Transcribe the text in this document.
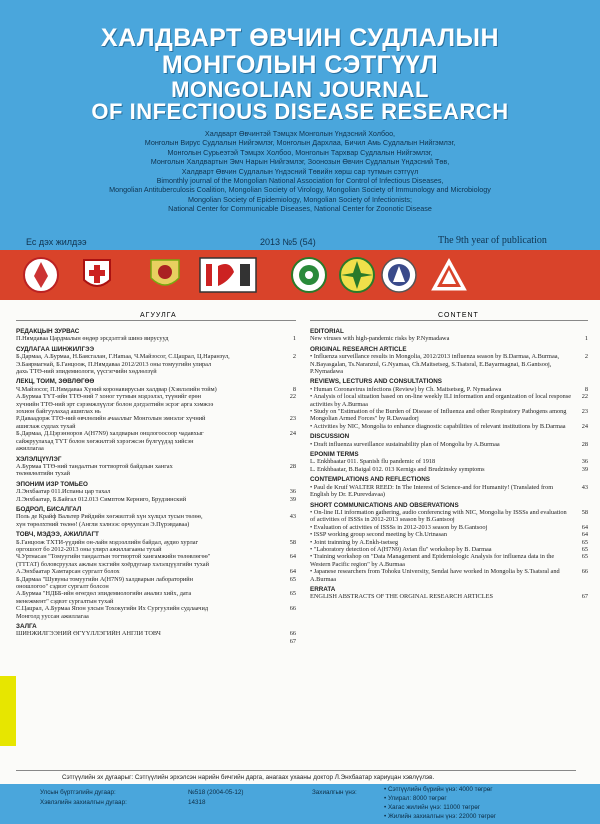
ХАЛДВАРТ ӨВЧИН СУДЛАЛЫН
МОНГОЛЫН СЭТГҮҮЛ
MONGOLIAN JOURNAL
OF INFECTIOUS DISEASE RESEARCH
Халдварт Өвчинтэй Тэмцэх Монголын Үндэсний Холбоо,
Монголын Вирус Судлалын Нийгэмлэг, Монголын Дархлаа, Бичил Амь Судлалын Нийгэмлэг,
Монголын Сурьеэтэй Тэмцэх Холбоо, Монголын Тархвар Судлалын Нийгэмлэг,
Монголын Халдвартын Эмч Нарын Нийгэмлэг, Зоонозын Өвчин Судлалын Үндэсний Төв,
Халдварт Өвчин Судлалын Үндэсний Төвийн хөрш сар тутмын сэтгүүл
Bimonthly journal of the Mongolian National Association for Control of Infectious Diseases,
Mongolian Antituberculosis Coalition, Mongolian Society of Virology, Mongolian Society of Immunology and Microbiology
Mongolian Society of Epidemiology, Mongolian Society of Infectionists;
National Center for Communicable Diseases, National Center for Zoonotic Disease
Ес дэх жилдээ	2013 №5 (54)	The 9th year of publication
АГУУЛГА	CONTENT
РЕДАКЦЫН ЗУРВАС
П.Нямдаваа Цардмалын өндөр эрсдэлтэй шинэ вирусууд	1
СУДЛАГАА ШИНЖИЛГЭЭ
Б.Дармаа, А.Бурмаа, Н.Баясгалан, Г.Наmaa, Ч.Майзосог, С.Цацрал, Ц.Наранзул,	2
Э.Баярмагнай, Б.Ганцоож, П.Нямдаваа 2012/2013 оны томуугийн улирал
дахь ТТӨ-ний эпидемиологи, үүсгэгчийн хөдлөлзүй
ЛЕКЦ, ТОЙМ, ЗӨВЛӨГӨӨ
Ч.Майзосог, П.Нямдаваа Хүний коронавирусын халдвар (Хэвлэлийн тойм)	8
А.Бурмаа ТҮТ-ийн ТТӨ-ний 7 хоног тутмын мэдээлэл, түүнийг ерөн	22
хүчнийн ТТӨ-ний эрт сэрэмжлүүлэг болон дэгдэлтийн эсрэг арга хэмжээ
зохион байгуулахад ашиглах нь
Р.Даваадорж ТТӨ-ний өвчлөлийн ачааллыг Монголын эмнэлэг хүчний	23
ашиглаж судлах тухай
Б.Дармаа, Д.Цэрэнноров A(H7N9) халдварын онцлогоосоор чадавхыг	24
сайжруулахад ТҮТ болон хөгжилтэй хэрэгжсэн бүлгүүдэд хийсэн
ажиллагаа
ХЭЛЭЛЦҮҮЛЭГ
А.Бурмаа ТТӨ-ний тандалтын тогтвортой байдлын хангах	28
төлөвлөлтийн тухай
ЭПОНИМ ИЗР ТОМЬЁО
Л.Энхбаатар 011.Испаны цар тахал	36
Л.Энхбаатар, Б.Байгал 012.013 Симптом Керниго, Брудзинский	39
БОДРОЛ, БИСАЛГАЛ
Поль де Крайф Вальтер Рийдийн хөгжилтэй хүн хүлцэл тусын төлөө,	43
хүн төрөлхтний төлөө! (Англи хэлнээс орчуулсан Э.Пүрэвдаваа)
ТОВЧ, МЭДЭЭ, АЖИЛЛАГТ
Б.Ганцоож ТХТИ-үүдийн он-лайн мэдээллийн байдал, аудио хурлаг	58
оргошоот бо 2012-2013 оны улирл ажиллагааны тухай
Ч.Уртнасан "Томуугийн тандалтын тогтвортой хангамжийн төлөвлөгөө"	64
(ТТТАТ) боловсруулах ажлын хэсгийн хоёрдугаар хэлэлцүүлгийн тухай
А.Энхбаатар Хамтарсан сургалт болох	64
Б.Дармаа "Шувуны томуугийн A(H7N9) халдварын лабораторийн	65
оношлогоо" сэдвэт сургалт болсон
А.Бурмаа "НДББ-ийн өгөгдөл эпидемиологийн анализ хийх, дата	65
менежмент" сэдвэт сургалтын тухай
С.Цацрал, А.Бурмаа Япон улсын Тохокугийн Их Сургуулийн судлаачид	66
Монголд ууссан ажиллагаа
ЗАЛГА
ШИНЖИЛГЭЭНИЙ ӨГҮҮЛЛЭГИЙН АНГЛИ ТОВЧ	66
67
EDITORIAL
New viruses with high-pandemic risks by P.Nymadawa	1
ORIGINAL RESEARCH ARTICLE
• Influenza surveillance results in Mongolia, 2012/2013 influenza season by B.Darmaa, A.Burmaa, N.Bayasgalan, Ts.Naranzul, G.Nyamaa, Ch.Maitsetseg, S.Tsatsral, E.Bayarmagnai, B.Gantsooj, P.Nymadawa
2
REVIEWS, LECTURS AND CONSULTATIONS
• Human Coronavirus infections (Review) by Ch. Maitsetseg, P. Nymadawa	8
• Analysis of local situation based on on-line weekly ILI information and organization of local response activities by A.Burmaa
22
• Study on "Estimation of the Burden of Disease of Influenza and other Respiratory Pathogens among Mongolian Armed Forces" by R.Davaadorj
23
• Activities by NIC, Mongolia to enhance diagnostic capabilities of relevant institutions by B.Darmaa	24
DISCUSSION
• Draft influenza surveillance sustainability plan of Mongolia by A.Burmaa	28
EPONIM TERMS
L. Enkhbaatar 011. Spanish flu pandemic of 1918	36
L. Enkhbaatar, B.Baigal 012. 013 Kernigs and Brudzinsky symptoms	39
CONTEMPLATIONS AND REFLECTIONS
• Paul de Kruif WALTER REED: In The Interest of Science-and for Humanity! (Translated from English by Dr. E.Purevdavaa)
43
SHORT COMMUNICATIONS AND OBSERVATIONS
• On-line ILI information gathering, audio conferencing with NIC, Mongolia by ISSSs and evaluation of activities of ISSSs in 2012-2013 season by B.Gantsooj
58
• Evaluation of activities of ISSSs in 2012-2013 season by B.Gantsooj	64
• ISSP working group second meeting by Ch.Urtnasan	64
• Joint trainning by A.Enkh-tsetseg	65
• "Laboratory detection of A(H7N9) Avian flu" workshop by B. Darmaa	65
• Training workshop on "Data Management and Epidemiologic Analysis for influenza data in the Western Pacific region" by A.Burmaa
65
• Japanese researchers from Tohoku University, Sendai have worked in Mongolia by S.Tsatsral and A.Burmaa
66
ERRATA
ENGLISH ABSTRACTS OF THE ORGINAL RESEARCH ARTICLES	67
Сэтгүүлийн эх дугаарыг: Сэтгүүлийн эрхэлсэн нарийн бичгийн дарга, анагаах ухааны доктор Л.Энхбаатар хариуцан хэвлүүлэв.
Улсын бүртгэлийн дугаар:	№518 (2004-05-12)
Хэвлэлийн захиалгын дугаар:	14318
Захиалгын үнэ:	• Сэтгүүлийн бүрийн үнэ: 4000 төгрөг
• Улирал: 8000 төгрөг
• Хагас жилийн үнэ: 11000 төгрөг
• Жилийн захиалгын үнэ: 22000 төгрөг
